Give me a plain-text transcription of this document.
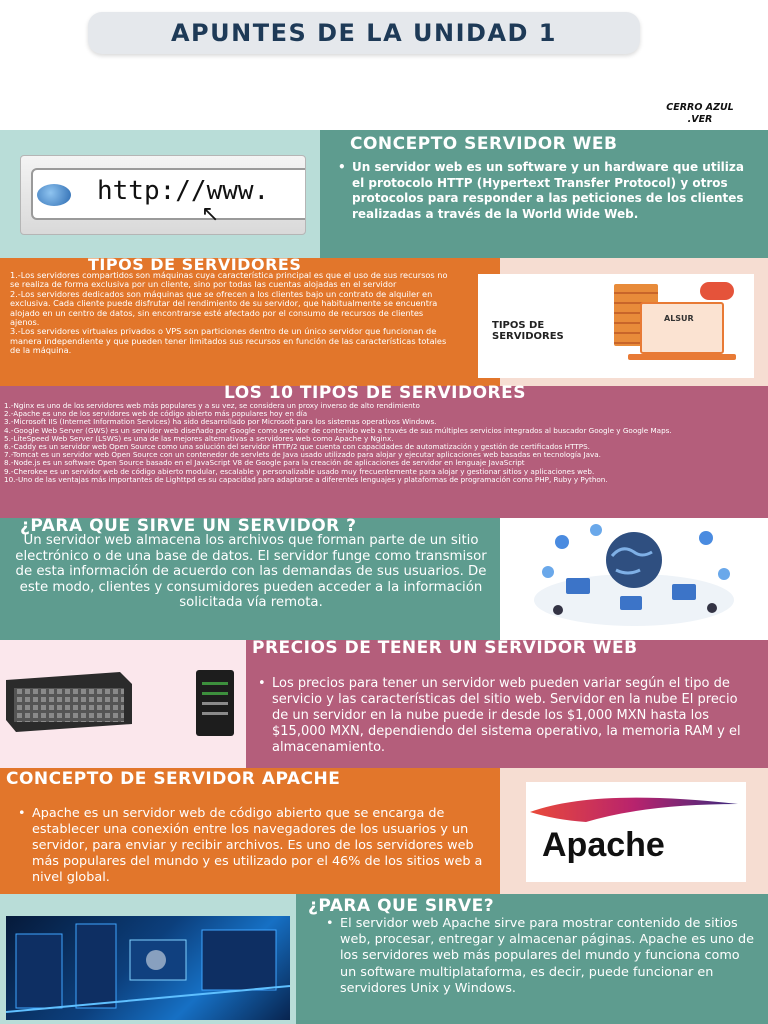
APUNTES DE LA UNIDAD 1
CERRO AZUL
.VER
http://www.
↖
CONCEPTO SERVIDOR WEB
• Un servidor web es un software y un hardware que utiliza el protocolo HTTP (Hypertext Transfer Protocol) y otros protocolos para responder a las peticiones de los clientes realizadas a través de la World Wide Web.
TIPOS DE SERVIDORES
1.-Los servidores compartidos son máquinas cuya característica principal es que el uso de sus recursos no se realiza de forma exclusiva por un cliente, sino por todas las cuentas alojadas en el servidor
2.-Los servidores dedicados son máquinas que se ofrecen a los clientes bajo un contrato de alquiler en exclusiva. Cada cliente puede disfrutar del rendimiento de su servidor, que habitualmente se encuentra alojado en un centro de datos, sin encontrarse esté afectado por el consumo de recursos de clientes ajenos.
3.-Los servidores virtuales privados o VPS son particiones dentro de un único servidor que funcionan de manera independiente y que pueden tener limitados sus recursos en función de las características totales de la máquina.
TIPOS DE
SERVIDORES
ALSUR
LOS 10 TIPOS DE SERVIDORES
1.-Nginx es uno de los servidores web más populares y a su vez, se considera un proxy inverso de alto rendimiento
2.-Apache es uno de los servidores web de código abierto más populares hoy en día
3.-Microsoft IIS (Internet Information Services) ha sido desarrollado por Microsoft para los sistemas operativos Windows.
4.-Google Web Server (GWS) es un servidor web diseñado por Google como servidor de contenido web a través de sus múltiples servicios integrados al buscador Google y Google Maps.
5.-LiteSpeed Web Server (LSWS) es una de las mejores alternativas a servidores web como Apache y Nginx.
6.-Caddy es un servidor web Open Source como una solución del servidor HTTP/2 que cuenta con capacidades de automatización y gestión de certificados HTTPS.
7.-Tomcat es un servidor web Open Source con un contenedor de servlets de Java usado utilizado para alojar y ejecutar aplicaciones web basadas en tecnología Java.
8.-Node.js es un software Open Source basado en el JavaScript V8 de Google para la creación de aplicaciones de servidor en lenguaje JavaScript
9.-Cherokee es un servidor web de código abierto modular, escalable y personalizable usado muy frecuentemente para alojar y gestionar sitios y aplicaciones web.
10.-Uno de las ventajas más importantes de Lighttpd es su capacidad para adaptarse a diferentes lenguajes y plataformas de programación como PHP, Ruby y Python.
¿PARA QUE SIRVE UN SERVIDOR ?
Un servidor web almacena los archivos que forman parte de un sitio electrónico o de una base de datos. El servidor funge como transmisor de esta información de acuerdo con las demandas de sus usuarios. De este modo, clientes y consumidores pueden acceder a la información solicitada vía remota.
PRECIOS DE TENER UN SERVIDOR WEB
• Los precios para tener un servidor web pueden variar según el tipo de servicio y las características del sitio web. Servidor en la nube El precio de un servidor en la nube puede ir desde los $1,000 MXN hasta los $15,000 MXN, dependiendo del sistema operativo, la memoria RAM y el almacenamiento.
CONCEPTO DE SERVIDOR APACHE
• Apache es un servidor web de código abierto que se encarga de establecer una conexión entre los navegadores de los usuarios y un servidor, para enviar y recibir archivos. Es uno de los servidores web más populares del mundo y es utilizado por el 46% de los sitios web a nivel global.
Apache
¿PARA QUE SIRVE?
• El servidor web Apache sirve para mostrar contenido de sitios web, procesar, entregar y almacenar páginas. Apache es uno de los servidores web más populares del mundo y funciona como un software multiplataforma, es decir, puede funcionar en servidores Unix y Windows.
